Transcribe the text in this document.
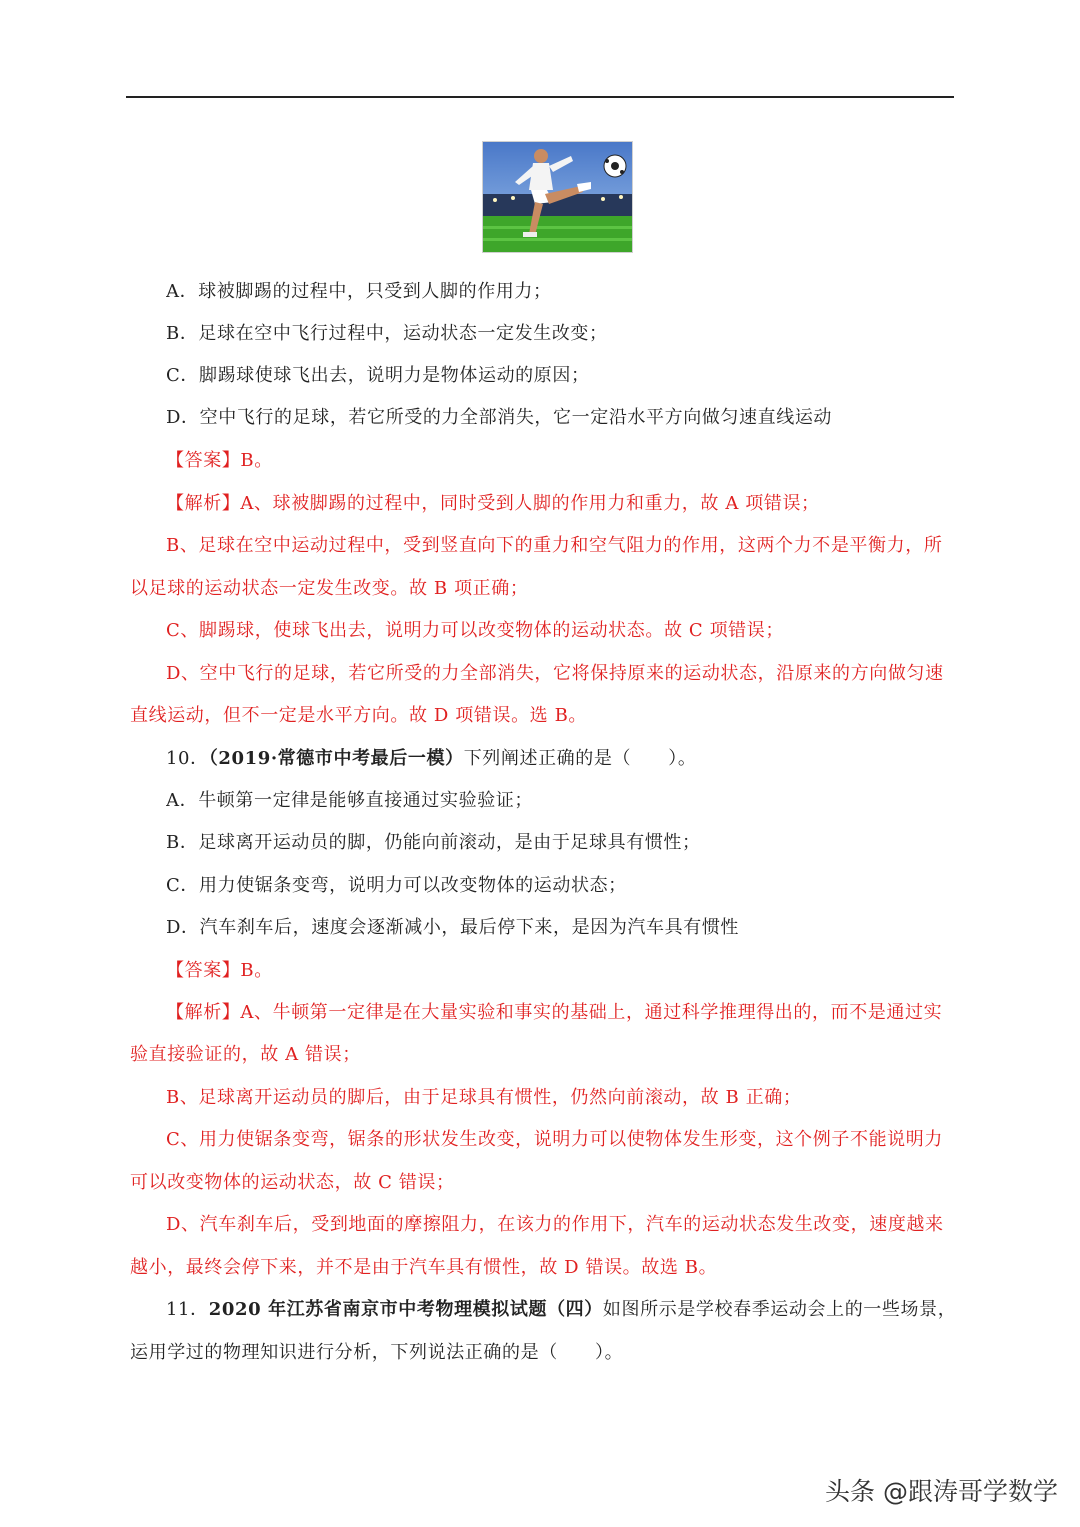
A．球被脚踢的过程中，只受到人脚的作用力；
B．足球在空中飞行过程中，运动状态一定发生改变；
C．脚踢球使球飞出去，说明力是物体运动的原因；
D．空中飞行的足球，若它所受的力全部消失，它一定沿水平方向做匀速直线运动
【答案】B。
【解析】A、球被脚踢的过程中，同时受到人脚的作用力和重力，故 A 项错误；
B、足球在空中运动过程中，受到竖直向下的重力和空气阻力的作用，这两个力不是平衡力，所
以足球的运动状态一定发生改变。故 B 项正确；
C、脚踢球，使球飞出去，说明力可以改变物体的运动状态。故 C 项错误；
D、空中飞行的足球，若它所受的力全部消失，它将保持原来的运动状态，沿原来的方向做匀速
直线运动，但不一定是水平方向。故 D 项错误。选 B。
10．（2019·常德市中考最后一模）下列阐述正确的是（　　）。
A．牛顿第一定律是能够直接通过实验验证；
B．足球离开运动员的脚，仍能向前滚动，是由于足球具有惯性；
C．用力使锯条变弯，说明力可以改变物体的运动状态；
D．汽车刹车后，速度会逐渐减小，最后停下来，是因为汽车具有惯性
【答案】B。
【解析】A、牛顿第一定律是在大量实验和事实的基础上，通过科学推理得出的，而不是通过实
验直接验证的，故 A 错误；
B、足球离开运动员的脚后，由于足球具有惯性，仍然向前滚动，故 B 正确；
C、用力使锯条变弯，锯条的形状发生改变，说明力可以使物体发生形变，这个例子不能说明力
可以改变物体的运动状态，故 C 错误；
D、汽车刹车后，受到地面的摩擦阻力，在该力的作用下，汽车的运动状态发生改变，速度越来
越小，最终会停下来，并不是由于汽车具有惯性，故 D 错误。故选 B。
11．2020 年江苏省南京市中考物理模拟试题（四）如图所示是学校春季运动会上的一些场景，
运用学过的物理知识进行分析，下列说法正确的是（　　）。
头条 @跟涛哥学数学
